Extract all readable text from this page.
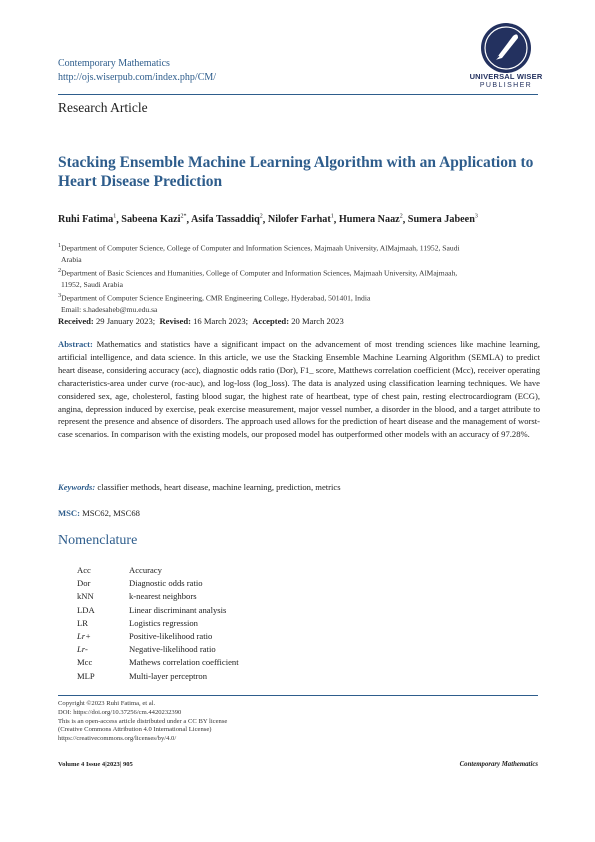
Contemporary Mathematics
http://ojs.wiserpub.com/index.php/CM/	UNIVERSAL WISER
PUBLISHER
Research Article
Stacking Ensemble Machine Learning Algorithm with an Application to Heart Disease Prediction
Ruhi Fatima$^1$, Sabeena Kazi$^{2*}$, Asifa Tassaddiq$^2$, Nilofer Farhat$^1$, Humera Naaz$^2$, Sumera Jabeen$^3$

$^1$Department of Computer Science, College of Computer and Information Sciences, Majmaah University, AlMajmaah, 11952, Saudi

Arabia

$^2$Department of Basic Sciences and Humanities, College of Computer and Information Sciences, Majmaah University, AlMajmaah,

11952, Saudi Arabia

$^3$Department of Computer Science Engineering, CMR Engineering College, Hyderabad, 501401, India

Email: s.hadesaheb@mu.edu.sa

Received: 29 January 2023; Revised: 16 March 2023; Accepted: 20 March 2023
Abstract: Mathematics and statistics have a significant impact on the advancement of most trending sciences like machine learning, artificial intelligence, and data science. In this article, we use the Stacking Ensemble Machine Learning Algorithm (SEMLA) to predict heart disease, considering accuracy (acc), diagnostic odds ratio (Dor), F1_ score, Matthews correlation coefficient (Mcc), receiver operating characteristics-area under curve (roc-auc), and log-loss (log_loss). The data is analyzed using classification learning techniques. We have considered sex, age, cholesterol, fasting blood sugar, the highest rate of heartbeat, type of chest pain, resting electrocardiogram (ECG), angina, depression induced by exercise, peak exercise measurement, major vessel number, a disorder in the blood, and a target attribute to represent the presence and absence of disorders. The approach used allows for the prediction of heart disease and the management of worst-case scenarios. In comparison with the existing models, our proposed model has outperformed other models with an accuracy of 97.28%.
Keywords: classifier methods, heart disease, machine learning, prediction, metrics
MSC: MSC62, MSC68
Nomenclature
Acc	Accuracy
Dor	Diagnostic odds ratio
kNN	k-nearest neighbors
LDA	Linear discriminant analysis
LR	Logistics regression
Lr+	Positive-likelihood ratio
Lr-	Negative-likelihood ratio
Mcc	Mathews correlation coefficient
MLP	Multi-layer perceptron

Copyright ©2023 Ruhi Fatima, et al.

DOI: https://doi.org/10.37256/cm.4420232390

This is an open-access article distributed under a CC BY license

(Creative Commons Attribution 4.0 International License)

https://creativecommons.org/licenses/by/4.0/

Volume 4 Issue 4|2023| 905	Contemporary Mathematics
